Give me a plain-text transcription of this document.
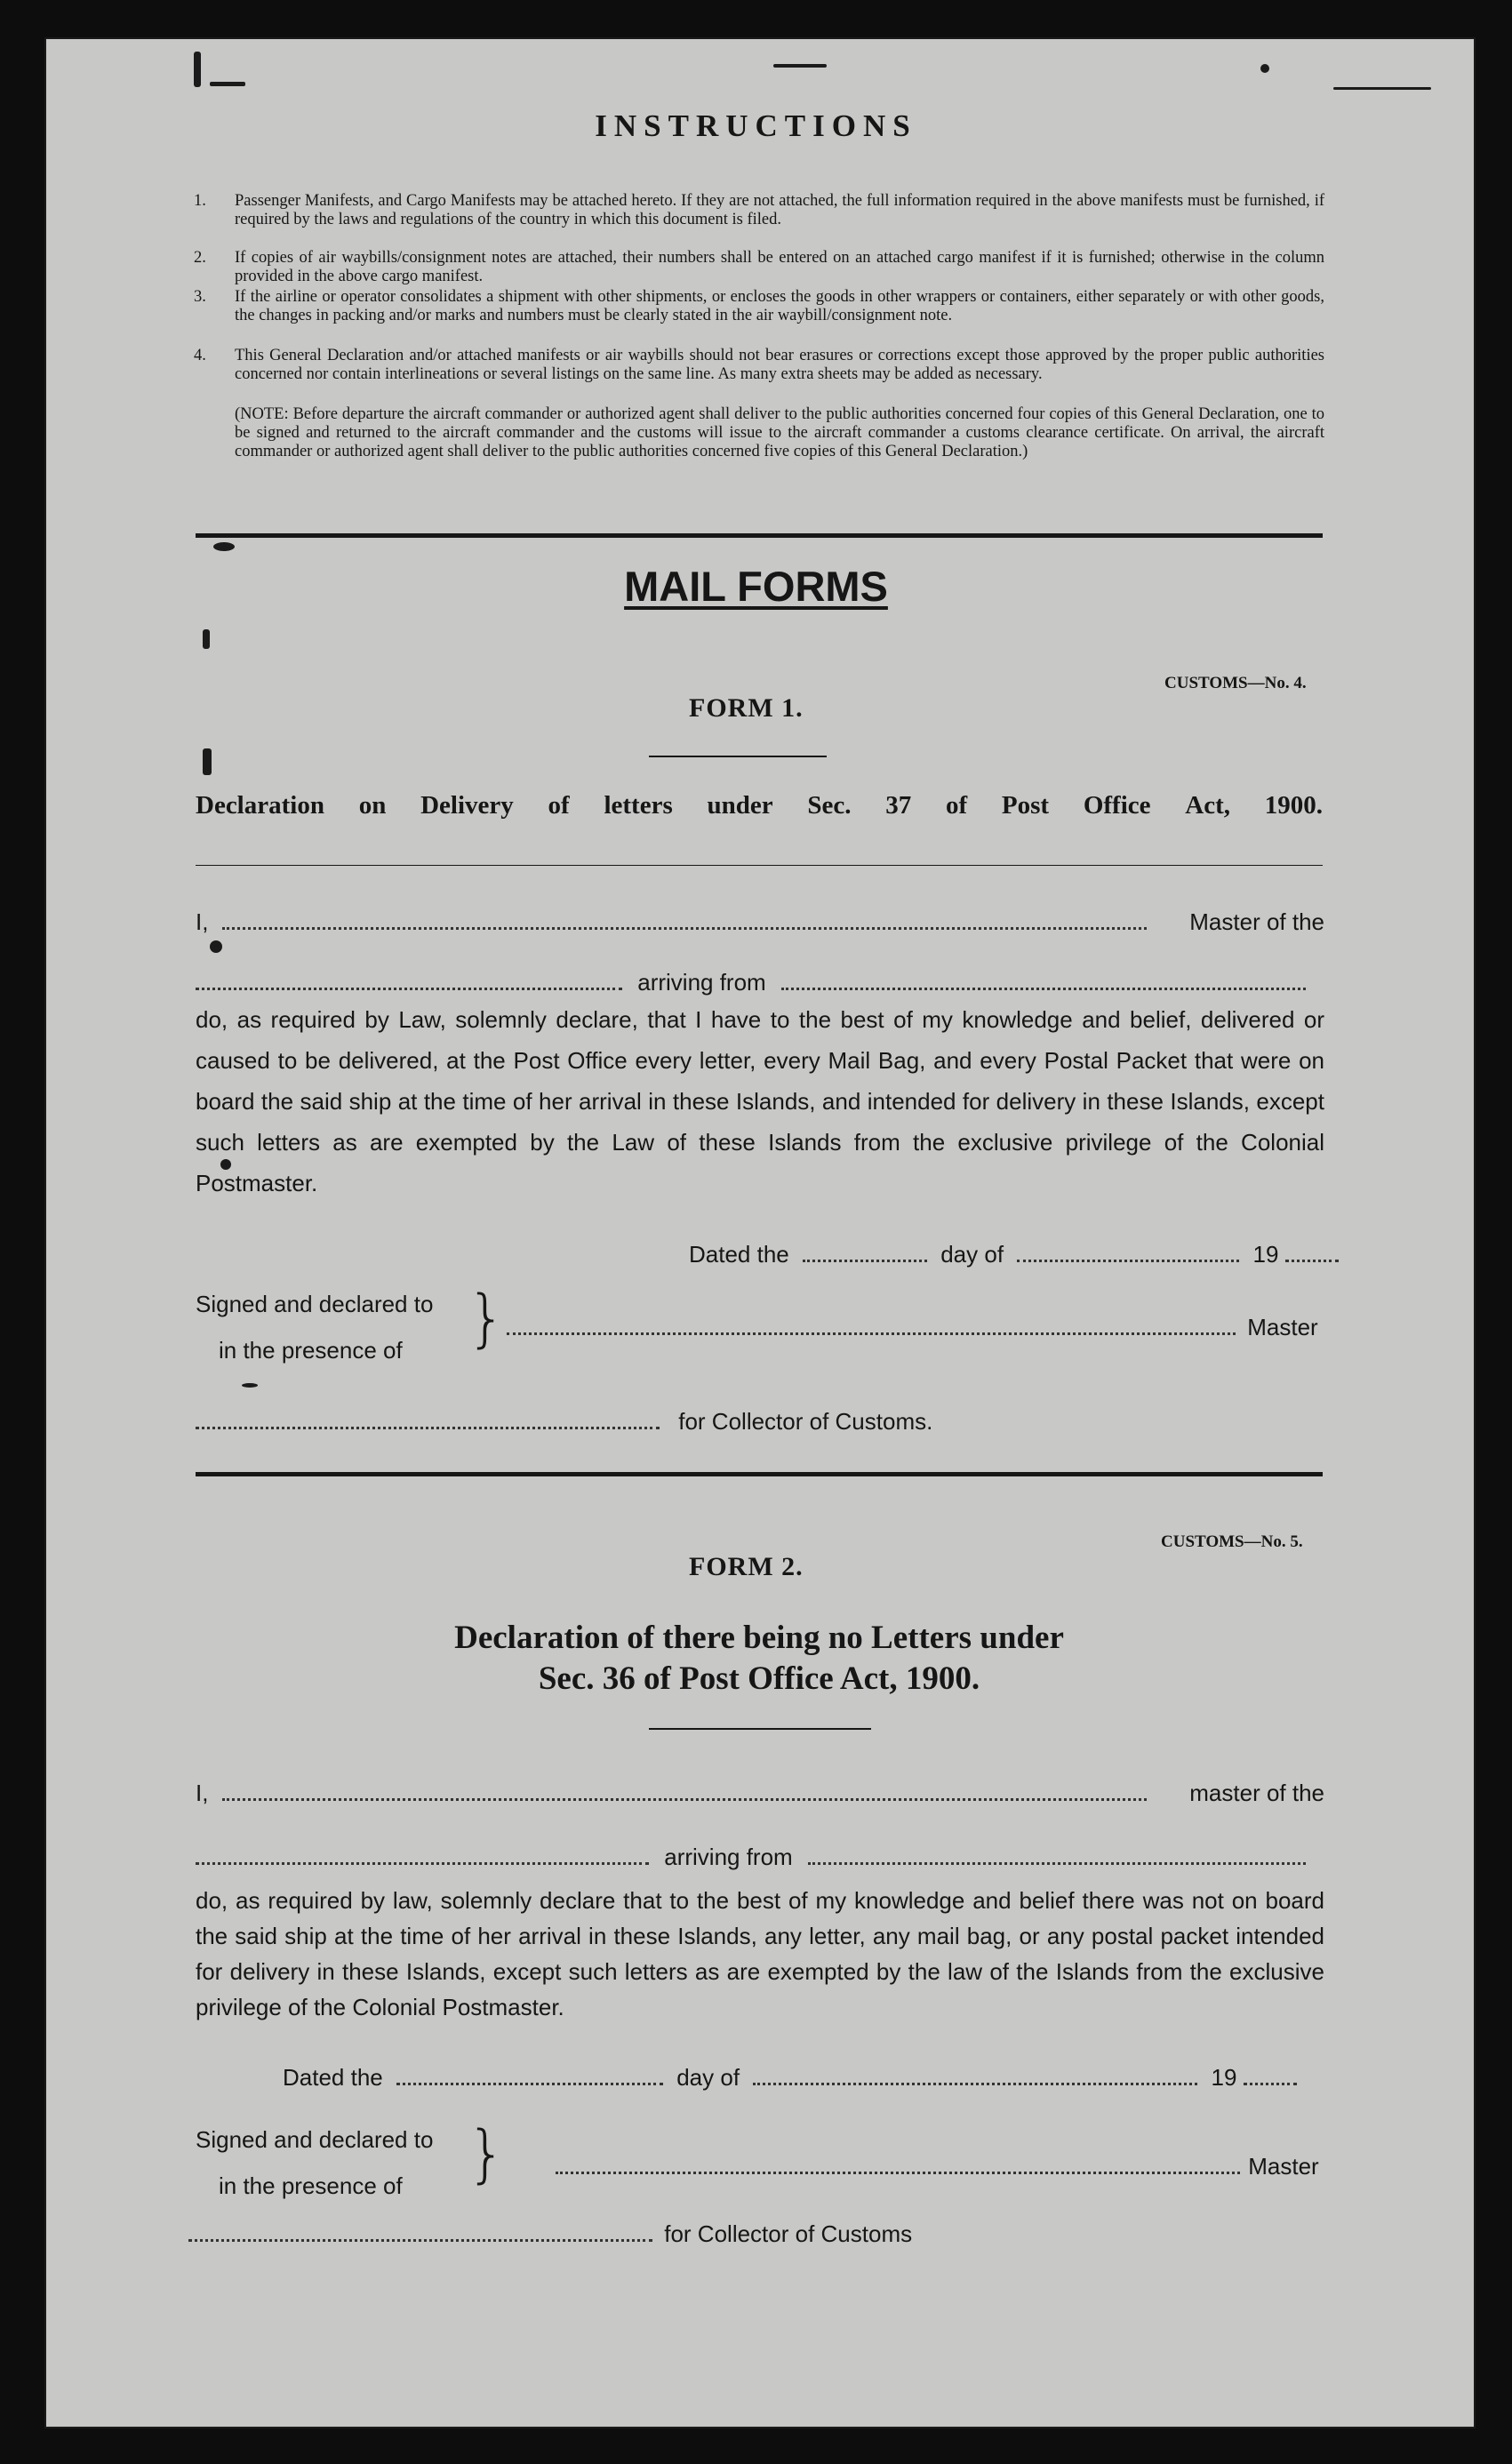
INSTRUCTIONS
1.	Passenger Manifests, and Cargo Manifests may be attached hereto. If they are not attached, the full information required in the above manifests must be furnished, if required by the laws and regulations of the country in which this document is filed.
2.	If copies of air waybills/consignment notes are attached, their numbers shall be entered on an attached cargo manifest if it is furnished; otherwise in the column provided in the above cargo manifest.
3.	If the airline or operator consolidates a shipment with other shipments, or encloses the goods in other wrappers or containers, either separately or with other goods, the changes in packing and/or marks and numbers must be clearly stated in the air waybill/consignment note.
4.	This General Declaration and/or attached manifests or air waybills should not bear erasures or corrections except those approved by the proper public authorities concerned nor contain interlineations or several listings on the same line. As many extra sheets may be added as necessary.
(NOTE: Before departure the aircraft commander or authorized agent shall deliver to the public authorities concerned four copies of this General Declaration, one to be signed and returned to the aircraft commander and the customs will issue to the aircraft commander a customs clearance certificate. On arrival, the aircraft commander or authorized agent shall deliver to the public authorities concerned five copies of this General Declaration.)
MAIL FORMS
CUSTOMS—No. 4.
FORM 1.
Declaration on Delivery of letters under Sec. 37 of Post Office Act, 1900.
I,	Master of the
arriving from
do, as required by Law, solemnly declare, that I have to the best of my knowledge and belief, delivered or caused to be delivered, at the Post Office every letter, every Mail Bag, and every Postal Packet that were on board the said ship at the time of her arrival in these Islands, and intended for delivery in these Islands, except such letters as are exempted by the Law of these Islands from the exclusive privilege of the Colonial Postmaster.
Dated the	day of	19
Signed and declared to
in the presence of }	Master
for Collector of Customs.
CUSTOMS—No. 5.
FORM 2.
Declaration of there being no Letters under
Sec. 36 of Post Office Act, 1900.
I,	master of the
arriving from
do, as required by law, solemnly declare that to the best of my knowledge and belief there was not on board the said ship at the time of her arrival in these Islands, any letter, any mail bag, or any postal packet intended for delivery in these Islands, except such letters as are exempted by the law of the Islands from the exclusive privilege of the Colonial Postmaster.
Dated the	day of	19
Signed and declared to
in the presence of }	Master
for Collector of Customs
